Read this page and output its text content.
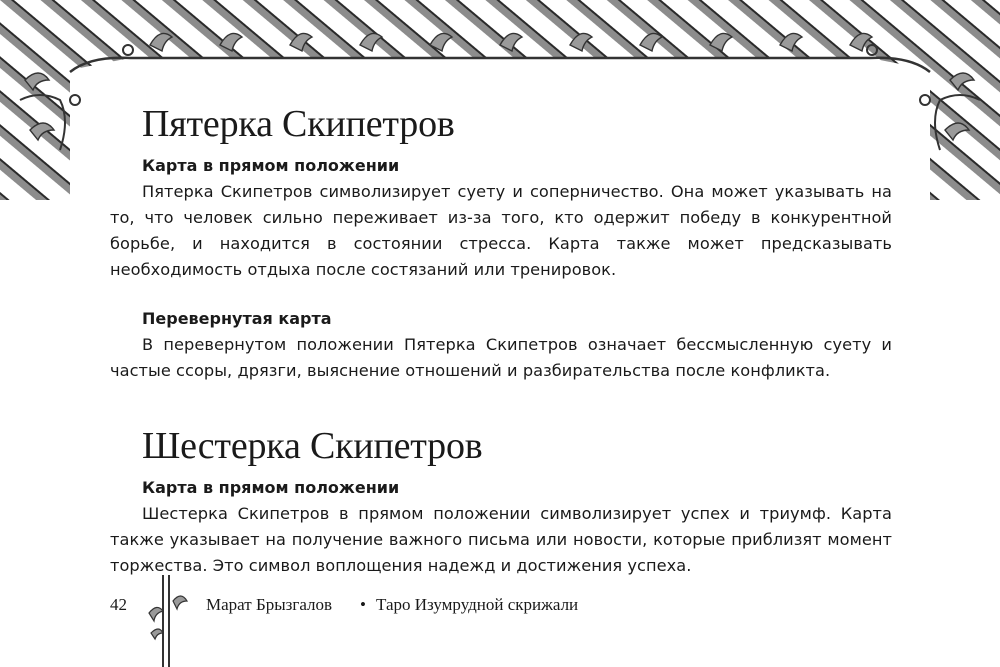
Пятерка Скипетров
Карта в прямом положении

Пятерка Скипетров символизирует суету и соперничество. Она может указывать на то, что человек сильно переживает из-за того, кто одержит победу в конкурентной борьбе, и находится в состоянии стресса. Карта также может предсказывать необходимость отдыха после состязаний или тренировок.

Перевернутая карта

В перевернутом положении Пятерка Скипетров означает бессмысленную суету и частые ссоры, дрязги, выяснение отношений и разбирательства после конфликта.

Шестерка Скипетров
Карта в прямом положении

Шестерка Скипетров в прямом положении символизирует успех и триумф. Карта также указывает на получение важного письма или новости, которые приблизят момент торжества. Это символ воплощения надежд и достижения успеха.

42	Марат Брызгалов • Таро Изумрудной скрижали
